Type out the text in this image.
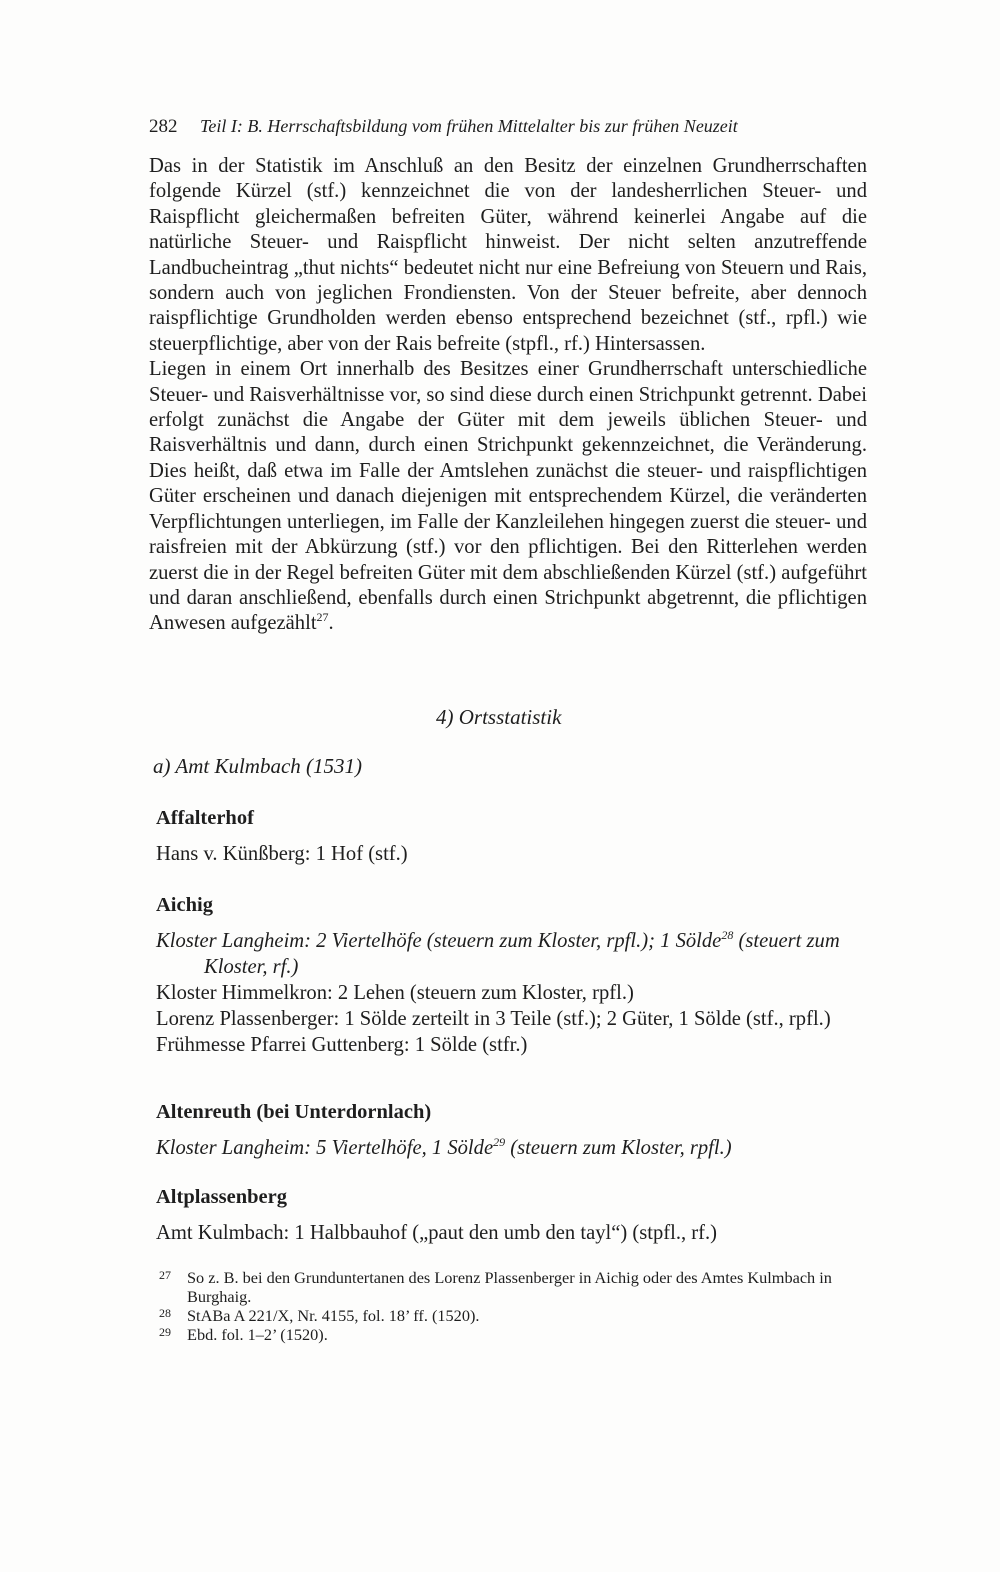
282 Teil I: B. Herrschaftsbildung vom frühen Mittelalter bis zur frühen Neuzeit
Das in der Statistik im Anschluß an den Besitz der einzelnen Grundherrschaften folgende Kürzel (stf.) kennzeichnet die von der landesherrlichen Steuer- und Raispflicht gleichermaßen befreiten Güter, während keinerlei Angabe auf die natürliche Steuer- und Raispflicht hinweist. Der nicht selten anzutreffende Landbucheintrag „thut nichts“ bedeutet nicht nur eine Befreiung von Steuern und Rais, sondern auch von jeglichen Frondiensten. Von der Steuer befreite, aber dennoch raispflichtige Grundholden werden ebenso entsprechend bezeichnet (stf., rpfl.) wie steuerpflichtige, aber von der Rais befreite (stpfl., rf.) Hintersassen.
Liegen in einem Ort innerhalb des Besitzes einer Grundherrschaft unterschiedliche Steuer- und Raisverhältnisse vor, so sind diese durch einen Strichpunkt getrennt. Dabei erfolgt zunächst die Angabe der Güter mit dem jeweils üblichen Steuer- und Raisverhältnis und dann, durch einen Strichpunkt gekennzeichnet, die Veränderung. Dies heißt, daß etwa im Falle der Amtslehen zunächst die steuer- und raispflichtigen Güter erscheinen und danach diejenigen mit entsprechendem Kürzel, die veränderten Verpflichtungen unterliegen, im Falle der Kanzleilehen hingegen zuerst die steuer- und raisfreien mit der Abkürzung (stf.) vor den pflichtigen. Bei den Ritterlehen werden zuerst die in der Regel befreiten Güter mit dem abschließenden Kürzel (stf.) aufgeführt und daran anschließend, ebenfalls durch einen Strichpunkt abgetrennt, die pflichtigen Anwesen aufgezählt$^{27}$.
4) Ortsstatistik
a) Amt Kulmbach (1531)
Affalterhof
Hans v. Künßberg: 1 Hof (stf.)
Aichig
Kloster Langheim: 2 Viertelhöfe (steuern zum Kloster, rpfl.); 1 Sölde$^{28}$ (steuert zum Kloster, rf.)
Kloster Himmelkron: 2 Lehen (steuern zum Kloster, rpfl.)
Lorenz Plassenberger: 1 Sölde zerteilt in 3 Teile (stf.); 2 Güter, 1 Sölde (stf., rpfl.)
Frühmesse Pfarrei Guttenberg: 1 Sölde (stfr.)
Altenreuth (bei Unterdornlach)
Kloster Langheim: 5 Viertelhöfe, 1 Sölde$^{29}$ (steuern zum Kloster, rpfl.)
Altplassenberg
Amt Kulmbach: 1 Halbbauhof („paut den umb den tayl“) (stpfl., rf.)
27 So z. B. bei den Grunduntertanen des Lorenz Plassenberger in Aichig oder des Amtes Kulmbach in Burghaig.
28 StABa A 221/X, Nr. 4155, fol. 18’ ff. (1520).
29 Ebd. fol. 1–2’ (1520).
